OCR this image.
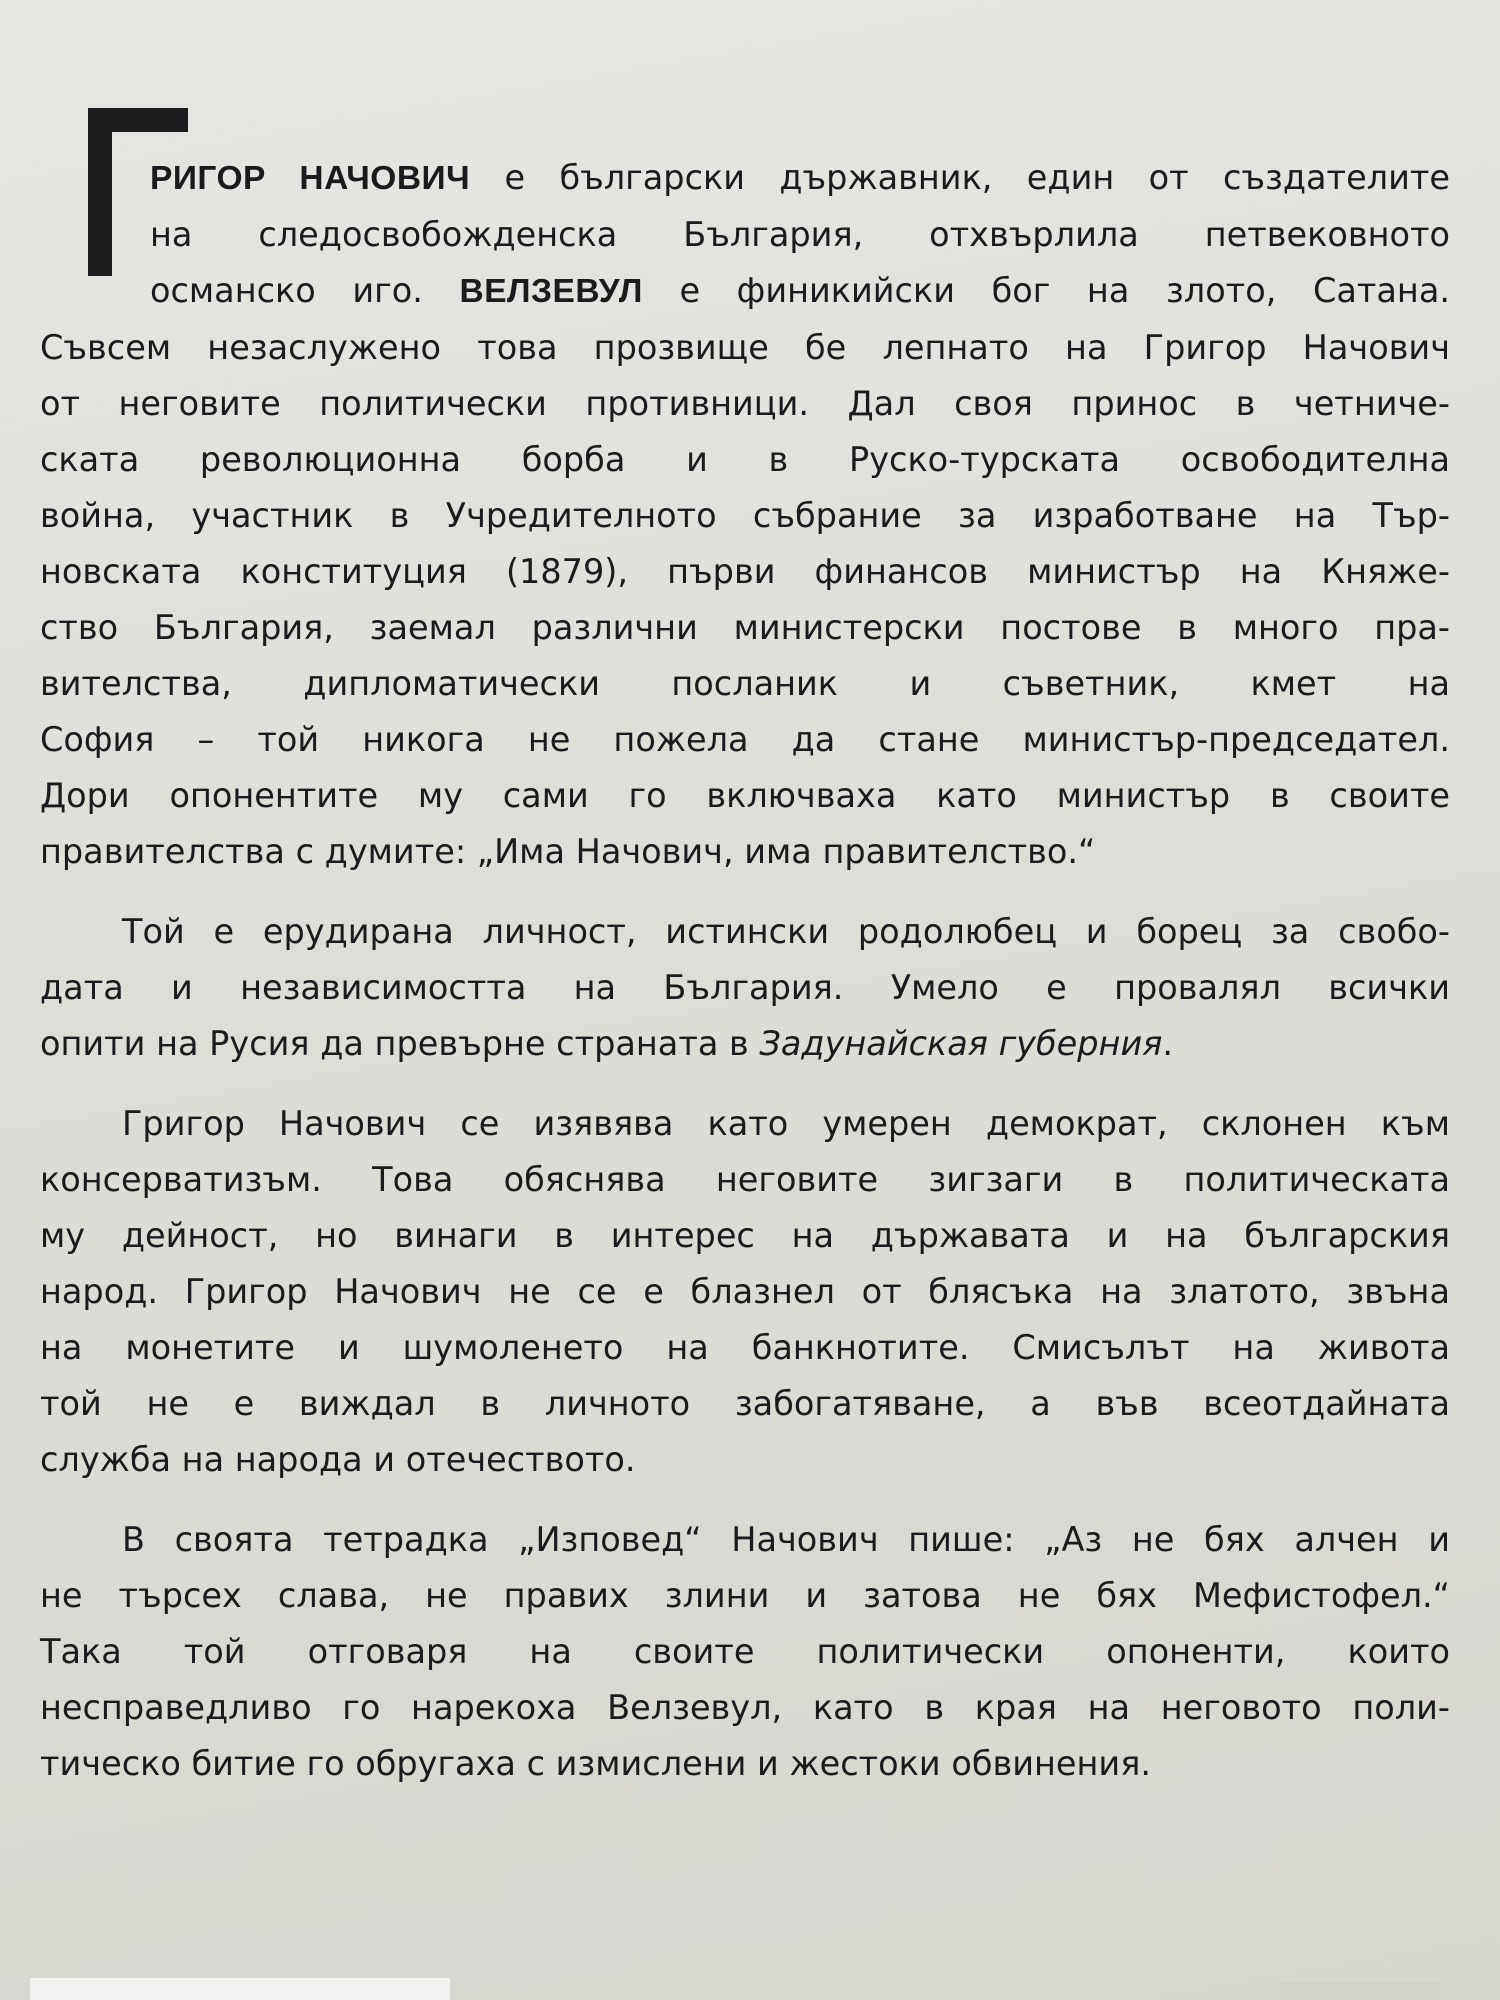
РИГОР НАЧОВИЧ е български държавник, един от създателите
на следосвобожденска България, отхвърлила петвековното
османско иго. ВЕЛЗЕВУЛ е финикийски бог на злото, Сатана.
Съвсем незаслужено това прозвище бе лепнато на Григор Начович
от неговите политически противници. Дал своя принос в четниче-
ската революционна борба и в Руско-турската освободителна
война, участник в Учредителното събрание за изработване на Тър-
новската конституция (1879), първи финансов министър на Княже-
ство България, заемал различни министерски постове в много пра-
вителства, дипломатически посланик и съветник, кмет на
София – той никога не пожела да стане министър-председател.
Дори опонентите му сами го включваха като министър в своите
правителства с думите: „Има Начович, има правителство.“
Той е ерудирана личност, истински родолюбец и борец за свобо-
дата и независимостта на България. Умело е провалял всички
опити на Русия да превърне страната в Задунайская губерния.
Григор Начович се изявява като умерен демократ, склонен към
консерватизъм. Това обяснява неговите зигзаги в политическата
му дейност, но винаги в интерес на държавата и на българския
народ. Григор Начович не се е блазнел от блясъка на златото, звъна
на монетите и шумоленето на банкнотите. Смисълът на живота
той не е виждал в личното забогатяване, а във всеотдайната
служба на народа и отечеството.
В своята тетрадка „Изповед“ Начович пише: „Аз не бях алчен и
не търсех слава, не правих злини и затова не бях Мефистофел.“
Така той отговаря на своите политически опоненти, които
несправедливо го нарекоха Велзевул, като в края на неговото поли-
тическо битие го обругаха с измислени и жестоки обвинения.
